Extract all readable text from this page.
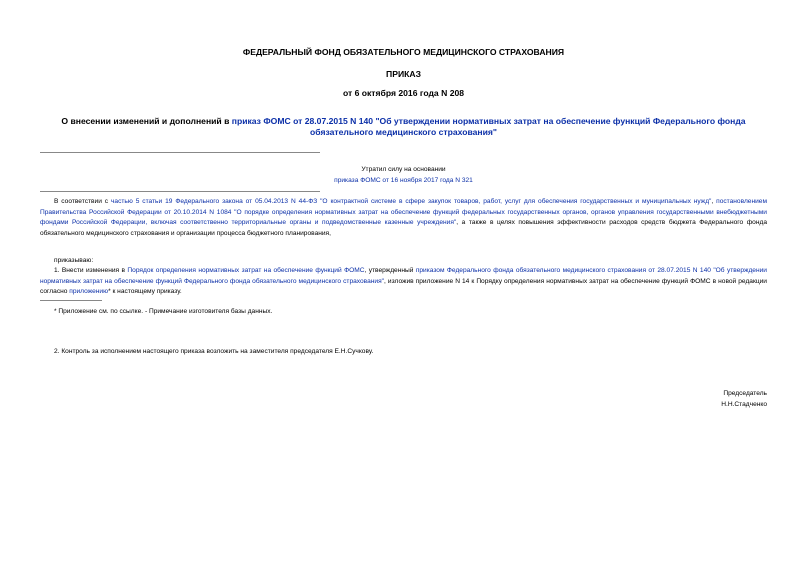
ФЕДЕРАЛЬНЫЙ ФОНД ОБЯЗАТЕЛЬНОГО МЕДИЦИНСКОГО СТРАХОВАНИЯ
ПРИКАЗ
от 6 октября 2016 года N 208
О внесении изменений и дополнений в приказ ФОМС от 28.07.2015 N 140 "Об утверждении нормативных затрат на обеспечение функций Федерального фонда обязательного медицинского страхования"
Утратил силу на основании
приказа ФОМС от 16 ноября 2017 года N 321
В соответствии с частью 5 статьи 19 Федерального закона от 05.04.2013 N 44-ФЗ "О контрактной системе в сфере закупок товаров, работ, услуг для обеспечения государственных и муниципальных нужд", постановлением Правительства Российской Федерации от 20.10.2014 N 1084 "О порядке определения нормативных затрат на обеспечение функций федеральных государственных органов, органов управления государственными внебюджетными фондами Российской Федерации, включая соответственно территориальные органы и подведомственные казенные учреждения", а также в целях повышения эффективности расходов средств бюджета Федерального фонда обязательного медицинского страхования и организации процесса бюджетного планирования,
приказываю:
1. Внести изменения в Порядок определения нормативных затрат на обеспечение функций ФОМС, утвержденный приказом Федерального фонда обязательного медицинского страхования от 28.07.2015 N 140 "Об утверждении нормативных затрат на обеспечение функций Федерального фонда обязательного медицинского страхования", изложив приложение N 14 к Порядку определения нормативных затрат на обеспечение функций ФОМС в новой редакции согласно приложению* к настоящему приказу.
* Приложение см. по ссылке. - Примечание изготовителя базы данных.
2. Контроль за исполнением настоящего приказа возложить на заместителя председателя Е.Н.Сучкову.
Председатель
Н.Н.Стадченко
